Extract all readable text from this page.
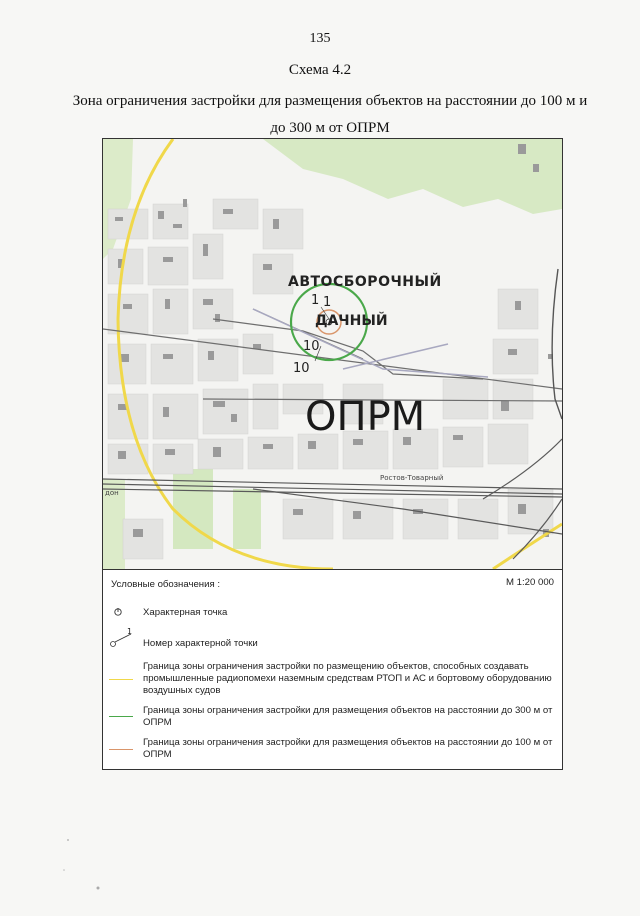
135
Схема 4.2
Зона ограничения застройки для размещения объектов на расстоянии до 100 м и до 300 м от ОПРМ
АВТОСБОРОЧНЫЙ
ДАЧНЫЙ
ОПРМ
1 1
10
10
Ростов-Товарный
дон
Условные обозначения :	М 1:20 000
Характерная точка
1
Номер характерной точки
Граница зоны ограничения застройки по размещению объектов, способных создавать промышленные радиопомехи наземным средствам РТОП и АС и бортовому оборудованию воздушных судов
Граница зоны ограничения застройки для размещения объектов на расстоянии до 300 м от ОПРМ
Граница зоны ограничения застройки для размещения объектов на расстоянии до 100 м от ОПРМ
